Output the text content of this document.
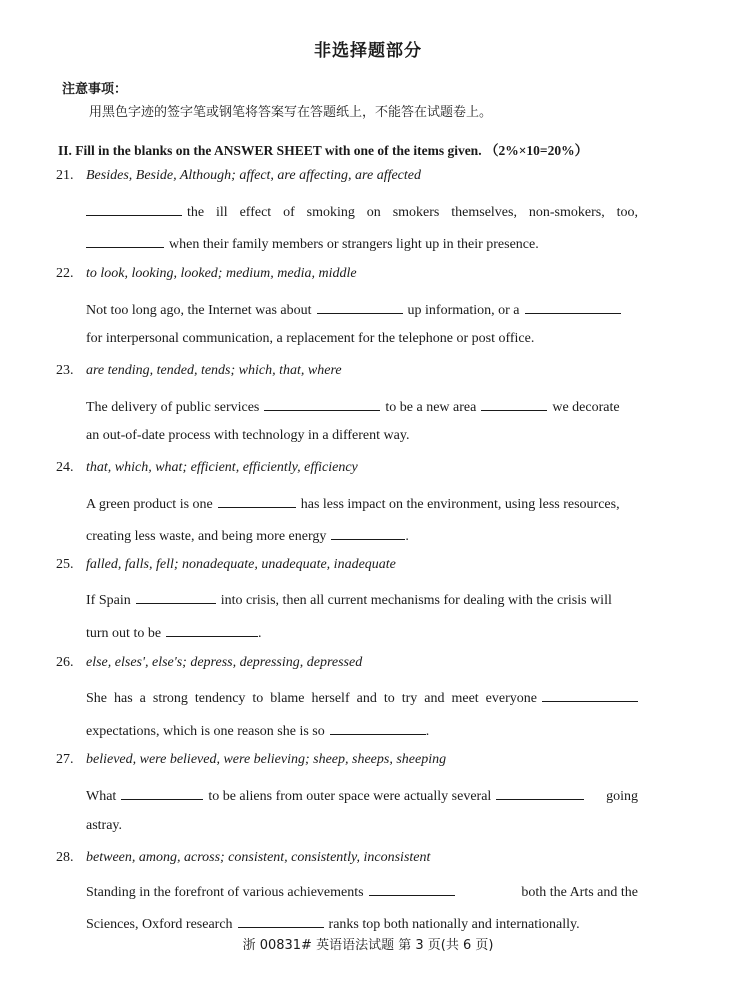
非选择题部分
注意事项：
用黑色字迹的签字笔或钢笔将答案写在答题纸上，不能答在试题卷上。
II. Fill in the blanks on the ANSWER SHEET with one of the items given. （2%×10=20%）
21. Besides, Beside, Although; affect, are affecting, are affected
the ill effect of smoking on smokers themselves, non-smokers, too,
when their family members or strangers light up in their presence.
22. to look, looking, looked; medium, media, middle
Not too long ago, the Internet was about	up information, or a
for interpersonal communication, a replacement for the telephone or post office.
23. are tending, tended, tends; which, that, where
The delivery of public services	to be a new area	we decorate
an out-of-date process with technology in a different way.
24. that, which, what; efficient, efficiently, efficiency
A green product is one	has less impact on the environment, using less resources,
creating less waste, and being more energy	.
25. falled, falls, fell; nonadequate, unadequate, inadequate
If Spain	into crisis, then all current mechanisms for dealing with the crisis will
turn out to be	.
26. else, elses', else's; depress, depressing, depressed
She has a strong tendency to blame herself and to try and meet everyone
expectations, which is one reason she is so	.
27. believed, were believed, were believing; sheep, sheeps, sheeping
What	to be aliens from outer space were actually several	going
astray.
28. between, among, across; consistent, consistently, inconsistent
Standing in the forefront of various achievements	both the Arts and the
Sciences, Oxford research	ranks top both nationally and internationally.
浙 00831# 英语语法试题 第 3 页(共 6 页)
